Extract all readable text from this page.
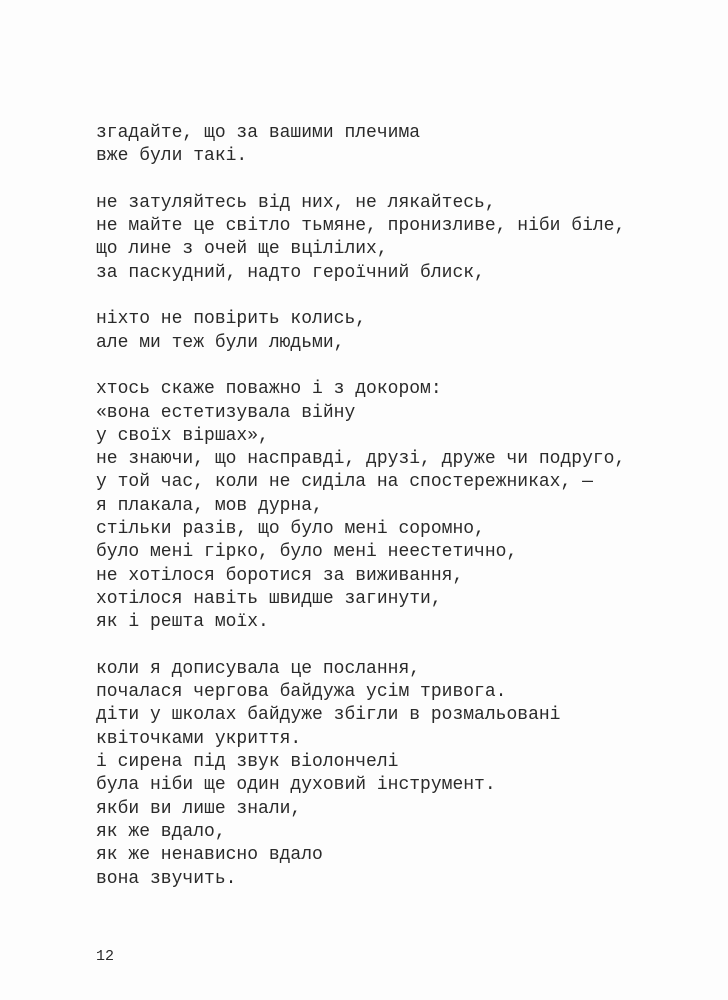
згадайте, що за вашими плечима
вже були такі.
не затуляйтесь від них, не лякайтесь,
не майте це світло тьмяне, пронизливе, ніби біле,
що лине з очей ще вцілілих,
за паскудний, надто героїчний блиск,
ніхто не повірить колись,
але ми теж були людьми,
хтось скаже поважно і з докором:
«вона естетизувала війну
у своїх віршах»,
не знаючи, що насправді, друзі, друже чи подруго,
у той час, коли не сиділа на спостережниках, —
я плакала, мов дурна,
стільки разів, що було мені соромно,
було мені гірко, було мені неестетично,
не хотілося боротися за виживання,
хотілося навіть швидше загинути,
як і решта моїх.
коли я дописувала це послання,
почалася чергова байдужа усім тривога.
діти у школах байдуже збігли в розмальовані
квіточками укриття.
і сирена під звук віолончелі
була ніби ще один духовий інструмент.
якби ви лише знали,
як же вдало,
як же ненависно вдало
вона звучить.
12
